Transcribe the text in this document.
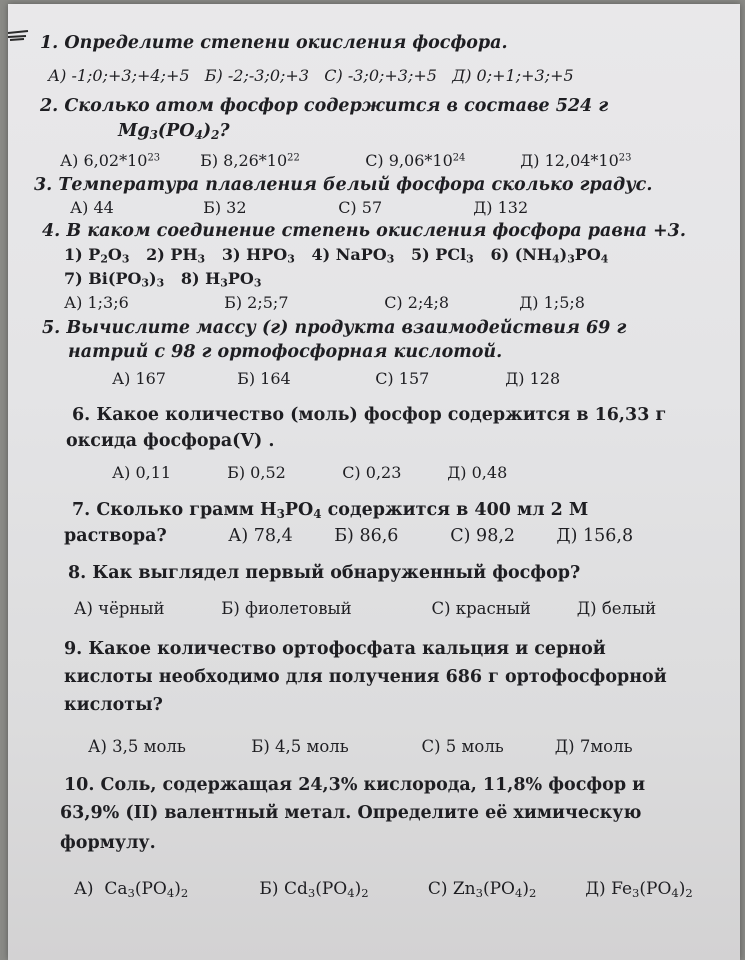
1. Определите степени окисления фосфора.
А) -1;0;+3;+4;+5 Б) -2;-3;0;+3 С) -3;0;+3;+5 Д) 0;+1;+3;+5
2. Сколько атом фосфор содержится в составе 524 г
$Mg_3(PO_4)_2$?
А) $6,02*10^{23}$	Б) $8,26*10^{22}$	С) $9,06*10^{24}$	Д) $12,04*10^{23}$
3. Температура плавления белый фосфора сколько градус.
А) 44	Б) 32	С) 57	Д) 132
4. В каком соединение степень окисления фосфора равна +3.
1) $P_2O_3$ 2) $PH_3$ 3) $HPO_3$ 4) NaPO$_3$ 5) PCl$_3$ 6) $(NH_4)_3PO_4$
7) $Bi(PO_3)_3$ 8) $H_3PO_3$
А) 1;3;6	Б) 2;5;7	С) 2;4;8	Д) 1;5;8
5. Вычислите массу (г) продукта взаимодействия 69 г
натрий с 98 г ортофосфорная кислотой.
А) 167	Б) 164	С) 157	Д) 128
6. Какое количество (моль) фосфор содержится в 16,33 г
оксида фосфора(V) .
А) 0,11	Б) 0,52	С) 0,23	Д) 0,48
7. Сколько грамм $H_3PO_4$ содержится в 400 мл 2 М
раствора?	А) 78,4 Б) 86,6	С) 98,2 Д) 156,8
8. Как выглядел первый обнаруженный фосфор?
А) чёрный	Б) фиолетовый	С) красный	Д) белый
9. Какое количество ортофосфата кальция и серной
кислоты необходимо для получения 686 г ортофосфорной
кислоты?
А) 3,5 моль	Б) 4,5 моль	С) 5 моль	Д) 7моль
10. Соль, содержащая 24,3% кислорода, 11,8% фосфор и
63,9% (II) валентный метал. Определите её химическую
формулу.
А) $Ca_3(PO_4)_2$	Б) $Cd_3(PO_4)_2$	С) $Zn_3(PO_4)_2$	Д) $Fe_3(PO_4)_2$
